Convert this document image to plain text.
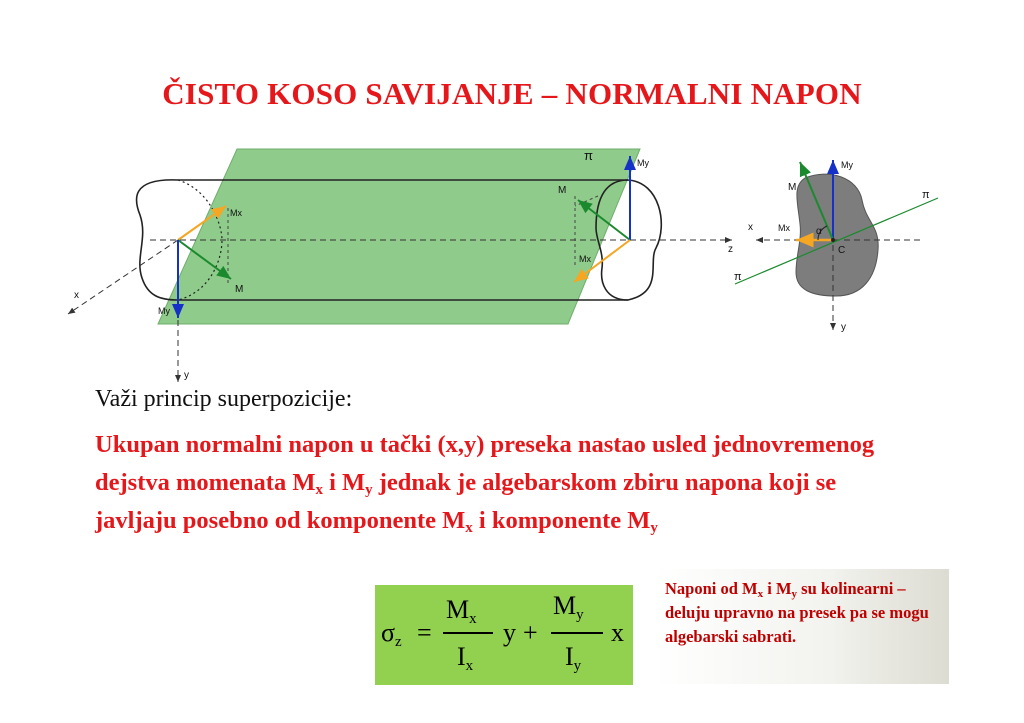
ČISTO KOSO SAVIJANJE – NORMALNI NAPON
Mx
M
My
x
y
z
π
M
My
Mx
My
M
π
x	Mx	α
C
π
y
Važi princip superpozicije:
Ukupan normalni napon u tački (x,y) preseka nastao usled jednovremenog dejstva momenata $M_x$ i $M_y$ jednak je algebarskom zbiru napona koji se javljaju posebno od komponente $M_x$ i komponente $M_y$
$\sigma_z$ =
$M_x$
$I_x$
y +
$M_y$
$I_y$
x
Naponi od $M_x$ i $M_y$ su kolinearni – deluju upravno na presek pa se mogu algebarski sabrati.
